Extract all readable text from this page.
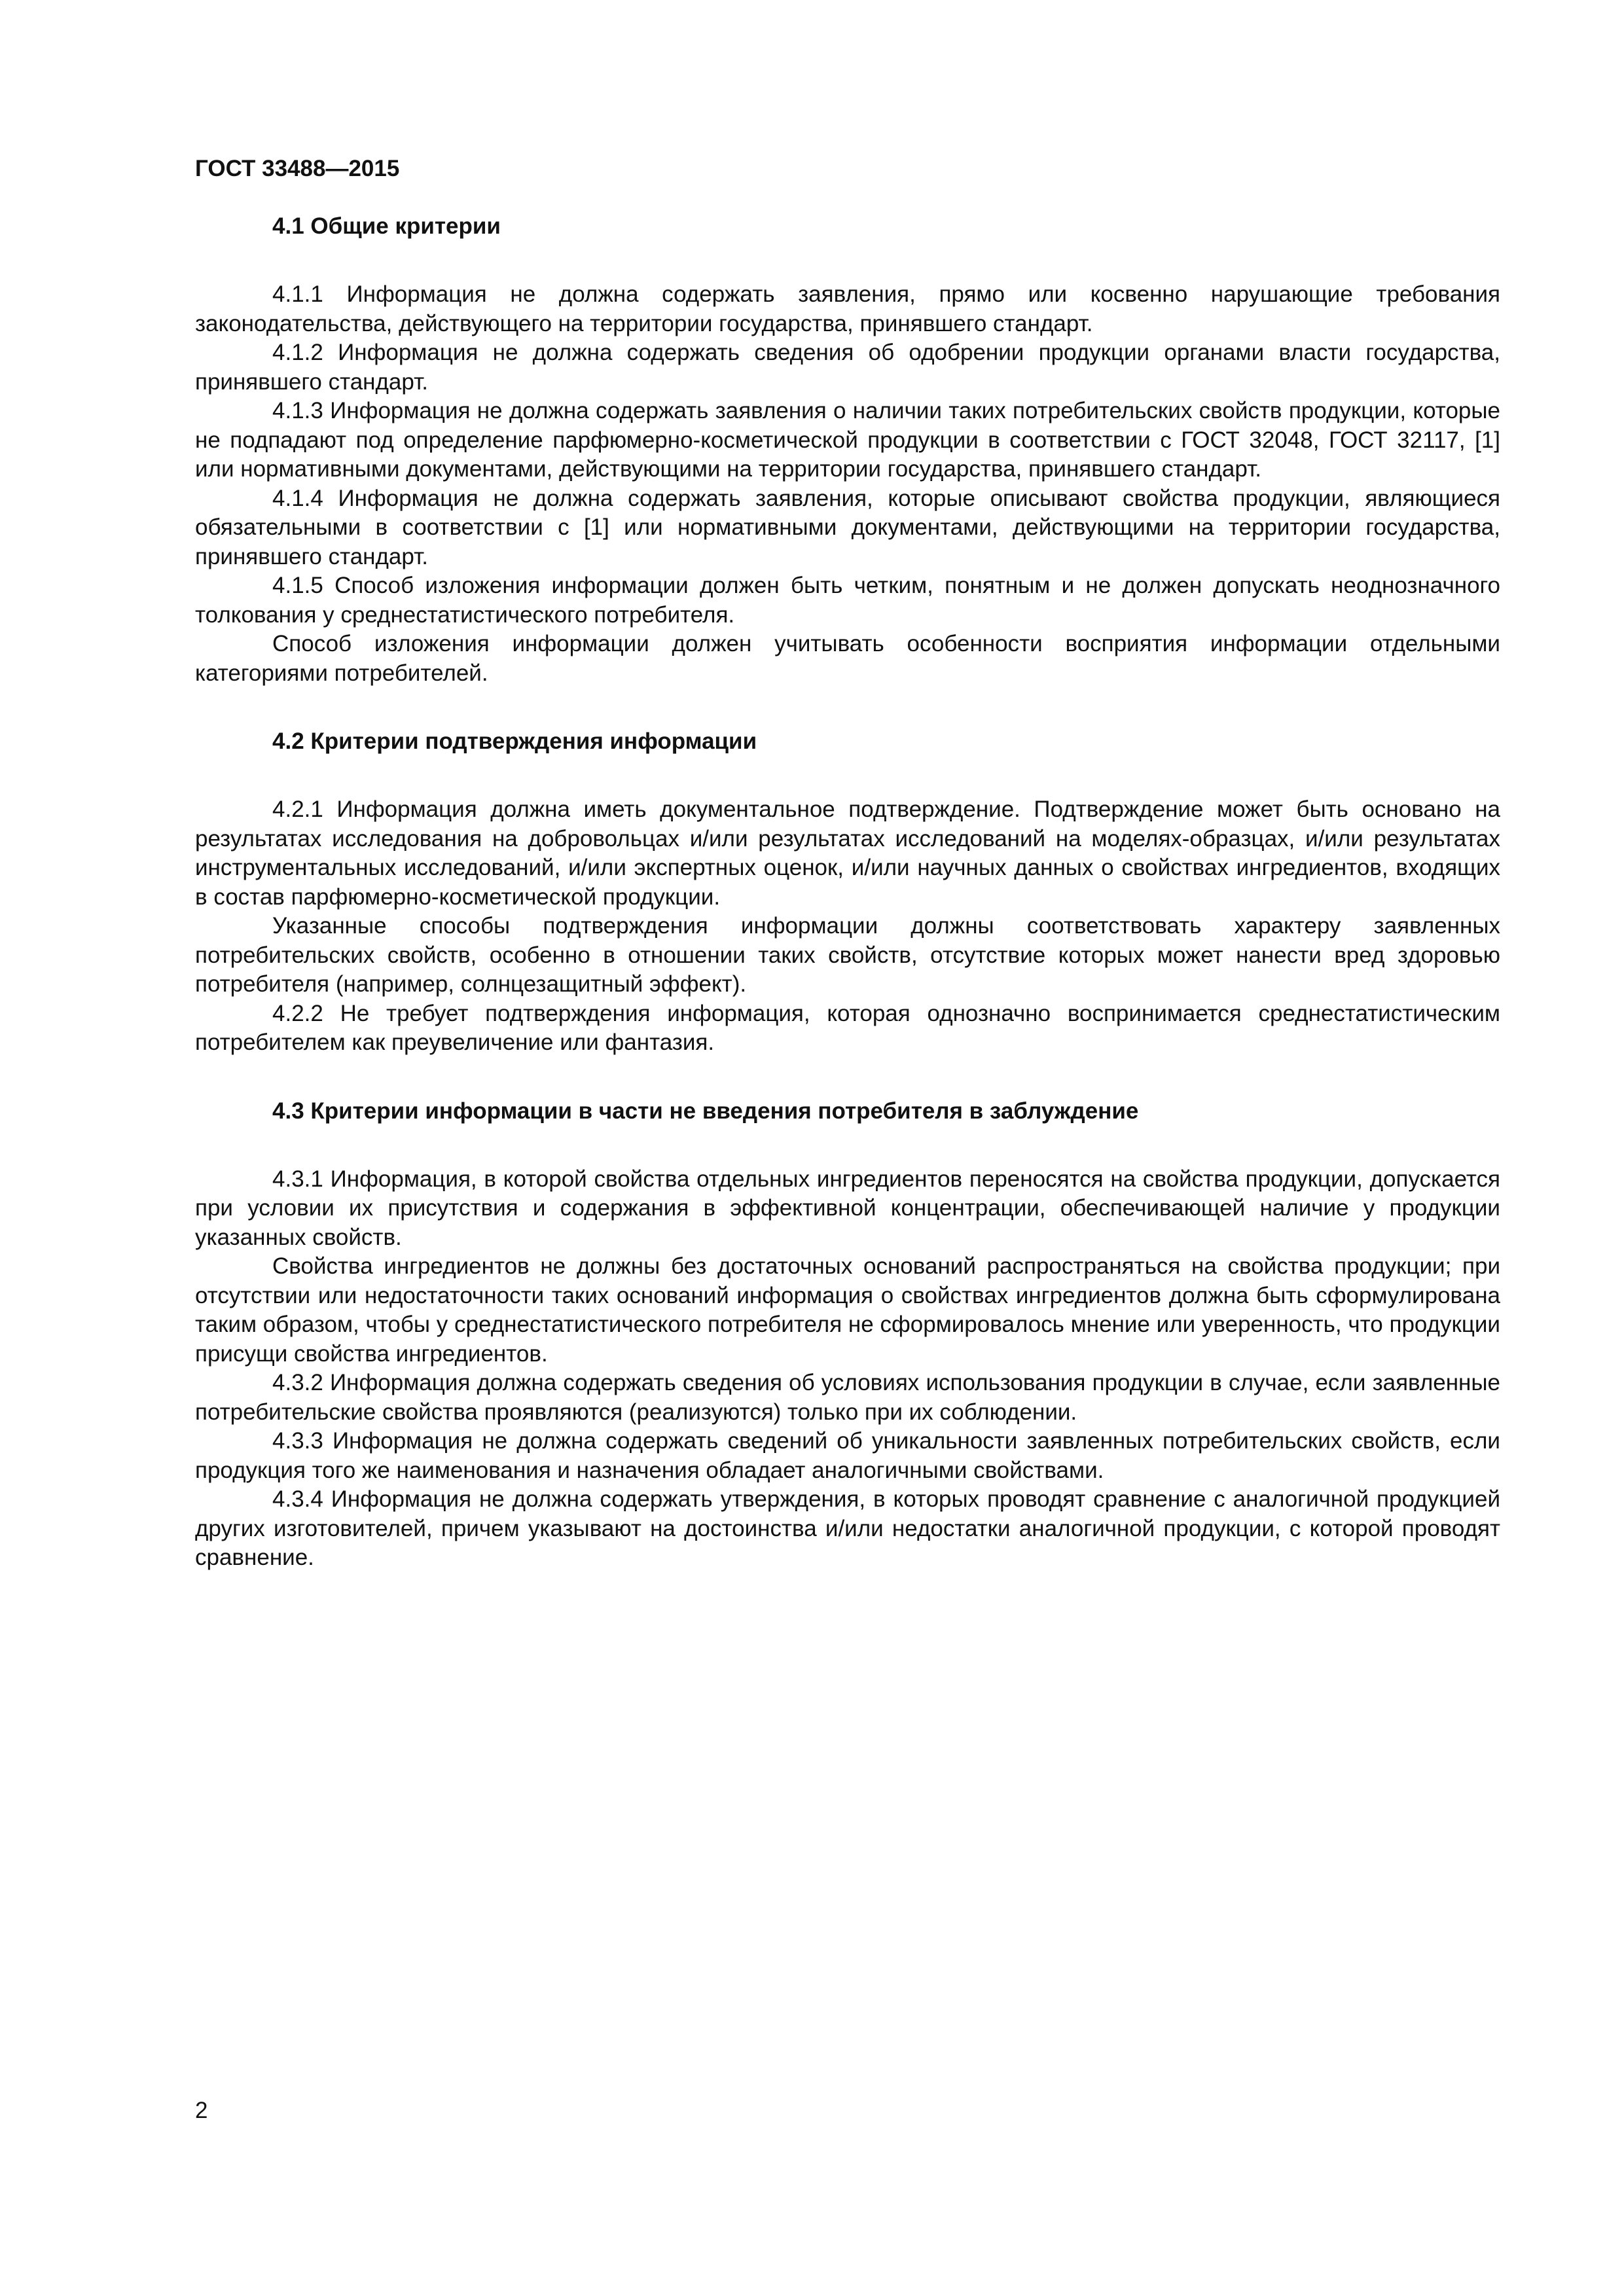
ГОСТ 33488—2015

4.1 Общие критерии

4.1.1 Информация не должна содержать заявления, прямо или косвенно нарушающие требования законодательства, действующего на территории государства, принявшего стандарт.

4.1.2 Информация не должна содержать сведения об одобрении продукции органами власти государства, принявшего стандарт.

4.1.3 Информация не должна содержать заявления о наличии таких потребительских свойств продукции, которые не подпадают под определение парфюмерно-косметической продукции в соответствии с ГОСТ 32048, ГОСТ 32117, [1] или нормативными документами, действующими на территории государства, принявшего стандарт.

4.1.4 Информация не должна содержать заявления, которые описывают свойства продукции, являющиеся обязательными в соответствии с [1] или нормативными документами, действующими на территории государства, принявшего стандарт.

4.1.5 Способ изложения информации должен быть четким, понятным и не должен допускать неоднозначного толкования у среднестатистического потребителя.

Способ изложения информации должен учитывать особенности восприятия информации отдельными категориями потребителей.

4.2 Критерии подтверждения информации

4.2.1 Информация должна иметь документальное подтверждение. Подтверждение может быть основано на результатах исследования на добровольцах и/или результатах исследований на моделях-образцах, и/или результатах инструментальных исследований, и/или экспертных оценок, и/или научных данных о свойствах ингредиентов, входящих в состав парфюмерно-косметической продукции.

Указанные способы подтверждения информации должны соответствовать характеру заявленных потребительских свойств, особенно в отношении таких свойств, отсутствие которых может нанести вред здоровью потребителя (например, солнцезащитный эффект).

4.2.2 Не требует подтверждения информация, которая однозначно воспринимается среднестатистическим потребителем как преувеличение или фантазия.

4.3 Критерии информации в части не введения потребителя в заблуждение

4.3.1 Информация, в которой свойства отдельных ингредиентов переносятся на свойства продукции, допускается при условии их присутствия и содержания в эффективной концентрации, обеспечивающей наличие у продукции указанных свойств.

Свойства ингредиентов не должны без достаточных оснований распространяться на свойства продукции; при отсутствии или недостаточности таких оснований информация о свойствах ингредиентов должна быть сформулирована таким образом, чтобы у среднестатистического потребителя не сформировалось мнение или уверенность, что продукции присущи свойства ингредиентов.

4.3.2 Информация должна содержать сведения об условиях использования продукции в случае, если заявленные потребительские свойства проявляются (реализуются) только при их соблюдении.

4.3.3 Информация не должна содержать сведений об уникальности заявленных потребительских свойств, если продукция того же наименования и назначения обладает аналогичными свойствами.

4.3.4 Информация не должна содержать утверждения, в которых проводят сравнение с аналогичной продукцией других изготовителей, причем указывают на достоинства и/или недостатки аналогичной продукции, с которой проводят сравнение.

2
